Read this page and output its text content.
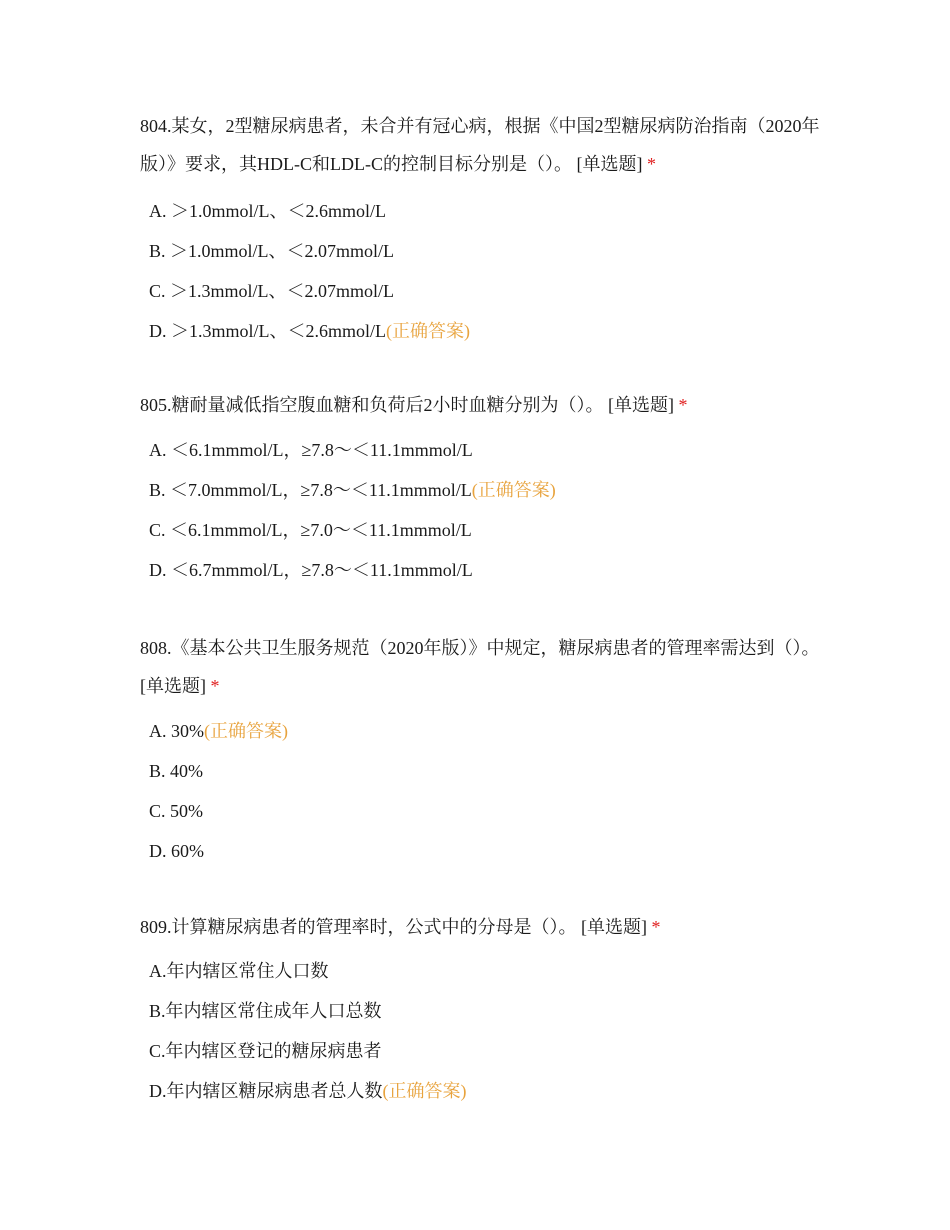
804.某女，2型糖尿病患者，未合并有冠心病，根据《中国2型糖尿病防治指南（2020年版）》要求，其HDL-C和LDL-C的控制目标分别是（）。 [单选题] *

A. ＞1.0mmol/L、＜2.6mmol/L
B. ＞1.0mmol/L、＜2.07mmol/L
C. ＞1.3mmol/L、＜2.07mmol/L
D. ＞1.3mmol/L、＜2.6mmol/L(正确答案)

805.糖耐量减低指空腹血糖和负荷后2小时血糖分别为（）。 [单选题] *

A. ＜6.1mmmol/L，≥7.8～＜11.1mmmol/L
B. ＜7.0mmmol/L，≥7.8～＜11.1mmmol/L(正确答案)
C. ＜6.1mmmol/L，≥7.0～＜11.1mmmol/L
D. ＜6.7mmmol/L，≥7.8～＜11.1mmmol/L

808.《基本公共卫生服务规范（2020年版）》中规定，糖尿病患者的管理率需达到（）。 [单选题] *

A. 30%(正确答案)
B. 40%
C. 50%
D. 60%

809.计算糖尿病患者的管理率时，公式中的分母是（）。 [单选题] *

A.年内辖区常住人口数
B.年内辖区常住成年人口总数
C.年内辖区登记的糖尿病患者
D.年内辖区糖尿病患者总人数(正确答案)
